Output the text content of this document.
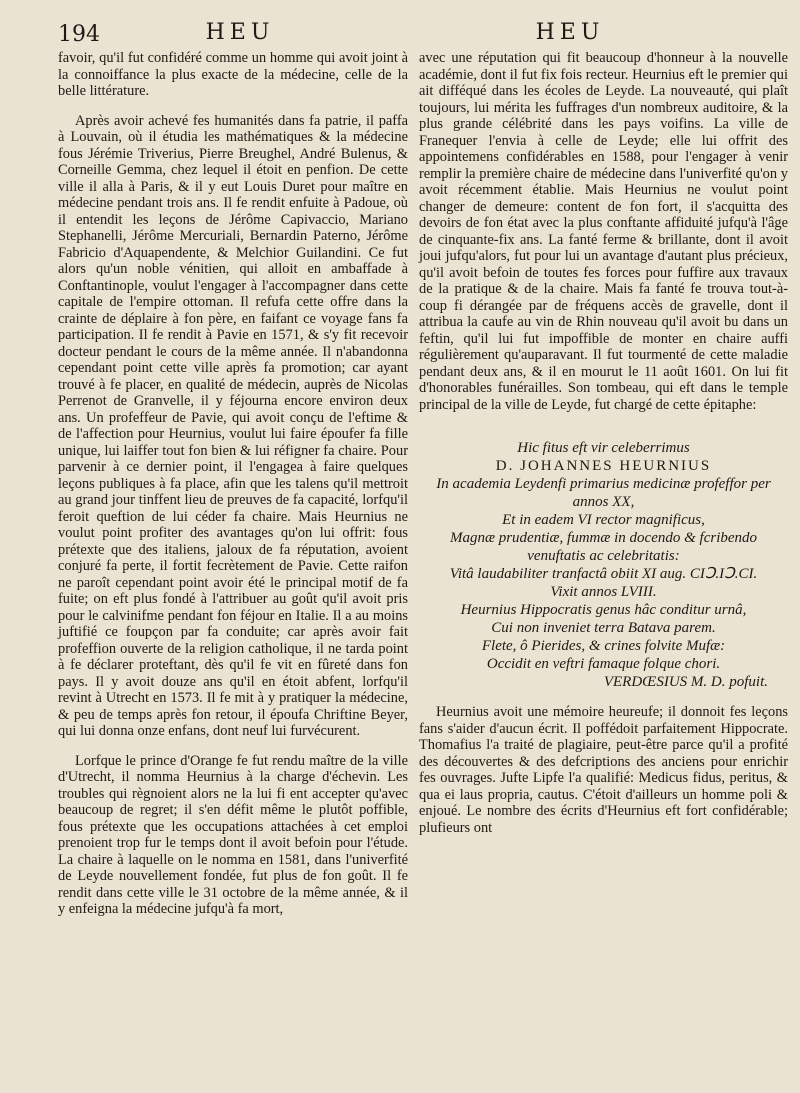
194	HEU	HEU

favoir, qu'il fut confidéré comme un homme qui avoit joint à la connoiffance la plus exacte de la médecine, celle de la belle littérature.

Après avoir achevé fes humanités dans fa patrie, il paffa à Louvain, où il étudia les mathématiques & la médecine fous Jérémie Triverius, Pierre Breughel, André Bulenus, & Corneille Gemma, chez lequel il étoit en penfion. De cette ville il alla à Paris, & il y eut Louis Duret pour maître en médecine pendant trois ans. Il fe rendit enfuite à Padoue, où il entendit les leçons de Jérôme Capivaccio, Mariano Stephanelli, Jérôme Mercuriali, Bernardin Paterno, Jérôme Fabricio d'Aquapendente, & Melchior Guilandini. Ce fut alors qu'un noble vénitien, qui alloit en ambaffade à Conftantinople, voulut l'engager à l'accompagner dans cette capitale de l'empire ottoman. Il refufa cette offre dans la crainte de déplaire à fon père, en faifant ce voyage fans fa participation. Il fe rendit à Pavie en 1571, & s'y fit recevoir docteur pendant le cours de la même année. Il n'abandonna cependant point cette ville après fa promotion; car ayant trouvé à fe placer, en qualité de médecin, auprès de Nicolas Perrenot de Granvelle, il y féjourna encore environ deux ans. Un profeffeur de Pavie, qui avoit conçu de l'eftime & de l'affection pour Heurnius, voulut lui faire époufer fa fille unique, lui laiffer tout fon bien & lui réfigner fa chaire. Pour parvenir à ce dernier point, il l'engagea à faire quelques leçons publiques à fa place, afin que les talens qu'il mettroit au grand jour tinffent lieu de preuves de fa capacité, lorfqu'il feroit queftion de lui céder fa chaire. Mais Heurnius ne voulut point profiter des avantages qu'on lui offrit: fous prétexte que des italiens, jaloux de fa réputation, avoient conjuré fa perte, il fortit fecrètement de Pavie. Cette raifon ne paroît cependant point avoir été le principal motif de fa fuite; on eft plus fondé à l'attribuer au goût qu'il avoit pris pour le calvinifme pendant fon féjour en Italie. Il a au moins juftifié ce foupçon par fa conduite; car après avoir fait profeffion ouverte de la religion catholique, il ne tarda point à fe déclarer proteftant, dès qu'il fe vit en fûreté dans fon pays. Il y avoit douze ans qu'il en étoit abfent, lorfqu'il revint à Utrecht en 1573. Il fe mit à y pratiquer la médecine, & peu de temps après fon retour, il époufa Chriftine Beyer, qui lui donna onze enfans, dont neuf lui furvécurent.

Lorfque le prince d'Orange fe fut rendu maître de la ville d'Utrecht, il nomma Heurnius à la charge d'échevin. Les troubles qui règnoient alors ne la lui fi ent accepter qu'avec beaucoup de regret; il s'en défit même le plutôt poffible, fous prétexte que les occupations attachées à cet emploi prenoient trop fur le temps dont il avoit befoin pour l'étude. La chaire à laquelle on le nomma en 1581, dans l'univerfité de Leyde nouvellement fondée, fut plus de fon goût. Il fe rendit dans cette ville le 31 octobre de la même année, & il y enfeigna la médecine jufqu'à fa mort,

avec une réputation qui fit beaucoup d'honneur à la nouvelle académie, dont il fut fix fois recteur. Heurnius eft le premier qui ait difféqué dans les écoles de Leyde. La nouveauté, qui plaît toujours, lui mérita les fuffrages d'un nombreux auditoire, & la plus grande célébrité dans les pays voifins. La ville de Franequer l'envia à celle de Leyde; elle lui offrit des appointemens confidérables en 1588, pour l'engager à venir remplir la première chaire de médecine dans l'univerfité qu'on y avoit récemment établie. Mais Heurnius ne voulut point changer de demeure: content de fon fort, il s'acquitta des devoirs de fon état avec la plus conftante affiduité jufqu'à l'âge de cinquante-fix ans. La fanté ferme & brillante, dont il avoit joui jufqu'alors, fut pour lui un avantage d'autant plus précieux, qu'il avoit befoin de toutes fes forces pour fuffire aux travaux de la pratique & de la chaire. Mais fa fanté fe trouva tout-à-coup fi dérangée par de fréquens accès de gravelle, dont il attribua la caufe au vin de Rhin nouveau qu'il avoit bu dans un feftin, qu'il lui fut impoffible de monter en chaire auffi régulièrement qu'auparavant. Il fut tourmenté de cette maladie pendant deux ans, & il en mourut le 11 août 1601. On lui fit d'honorables funérailles. Son tombeau, qui eft dans le temple principal de la ville de Leyde, fut chargé de cette épitaphe:

Hic fitus eft vir celeberrimus

D. JOHANNES HEURNIUS

In academia Leydenfi primarius medicinæ profeffor per annos XX,

Et in eadem VI rector magnificus,

Magnæ prudentiæ, fummæ in docendo & fcribendo venuftatis ac celebritatis:

Vitâ laudabiliter tranfactâ obiit XI aug. CIↃ.IↃ.CI.

Vixit annos LVIII.

Heurnius Hippocratis genus hâc conditur urnâ,

Cui non inveniet terra Batava parem.

Flete, ô Pierides, & crines folvite Mufæ:

Occidit en veftri famaque folque chori.

VERDŒSIUS M. D. pofuit.

Heurnius avoit une mémoire heureufe; il donnoit fes leçons fans s'aider d'aucun écrit. Il poffédoit parfaitement Hippocrate. Thomafius l'a traité de plagiaire, peut-être parce qu'il a profité des découvertes & des defcriptions des anciens pour enrichir fes ouvrages. Jufte Lipfe l'a qualifié: Medicus fidus, peritus, & qua ei laus propria, cautus. C'étoit d'ailleurs un homme poli & enjoué. Le nombre des écrits d'Heurnius eft fort confidérable; plufieurs ont
